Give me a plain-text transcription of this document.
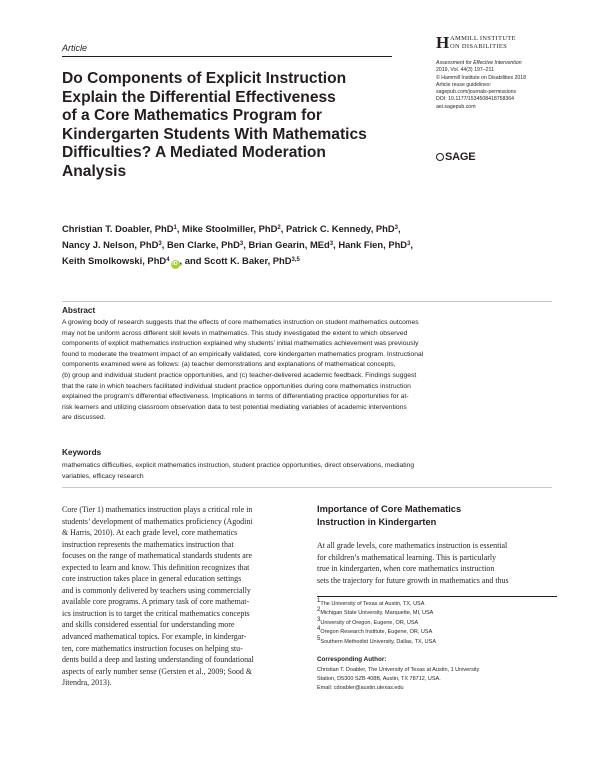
Article	H AMMILL INSTITUTE
ON DISABILITIES
Assessment for Effective Intervention
2019, Vol. 44(3) 197–211
© Hammill Institute on Disabilities 2018
Article reuse guidelines:
sagepub.com/journals-permissions
DOI: 10.1177/1534508418758364
aei.sagepub.com
SAGE
Do Components of Explicit Instruction
Explain the Differential Effectiveness
of a Core Mathematics Program for
Kindergarten Students With Mathematics
Difficulties? A Mediated Moderation
Analysis
Christian T. Doabler, PhD$^1$, Mike Stoolmiller, PhD$^2$, Patrick C. Kennedy, PhD$^3$,
Nancy J. Nelson, PhD$^3$, Ben Clarke, PhD$^3$, Brian Gearin, MEd$^3$, Hank Fien, PhD$^3$,
Keith Smolkowski, PhD$^4$iD , and Scott K. Baker, PhD$^{3,5}$
Abstract
A growing body of research suggests that the effects of core mathematics instruction on student mathematics outcomes
may not be uniform across different skill levels in mathematics. This study investigated the extent to which observed
components of explicit mathematics instruction explained why students’ initial mathematics achievement was previously
found to moderate the treatment impact of an empirically validated, core kindergarten mathematics program. Instructional
components examined were as follows: (a) teacher demonstrations and explanations of mathematical concepts,
(b) group and individual student practice opportunities, and (c) teacher-delivered academic feedback. Findings suggest
that the rate in which teachers facilitated individual student practice opportunities during core mathematics instruction
explained the program’s differential effectiveness. Implications in terms of differentiating practice opportunities for at-
risk learners and utilizing classroom observation data to test potential mediating variables of academic interventions
are discussed.
Keywords
mathematics difficulties, explicit mathematics instruction, student practice opportunities, direct observations, mediating
variables, efficacy research
Core (Tier 1) mathematics instruction plays a critical role in
students’ development of mathematics proficiency (Agodini
& Harris, 2010). At each grade level, core mathematics
instruction represents the mathematics instruction that
focuses on the range of mathematical standards students are
expected to learn and know. This definition recognizes that
core instruction takes place in general education settings
and is commonly delivered by teachers using commercially
available core programs. A primary task of core mathemat-
ics instruction is to target the critical mathematics concepts
and skills considered essential for understanding more
advanced mathematical topics. For example, in kindergar-
ten, core mathematics instruction focuses on helping stu-
dents build a deep and lasting understanding of foundational
aspects of early number sense (Gersten et al., 2009; Sood &
Jitendra, 2013).
Importance of Core Mathematics
Instruction in Kindergarten
At all grade levels, core mathematics instruction is essential
for children’s mathematical learning. This is particularly
true in kindergarten, when core mathematics instruction
sets the trajectory for future growth in mathematics and thus
$^1$The University of Texas at Austin, TX, USA
$^2$Michigan State University, Marquette, MI, USA
$^3$University of Oregon, Eugene, OR, USA
$^4$Oregon Research Institute, Eugene, OR, USA
$^5$Southern Methodist University, Dallas, TX, USA
Corresponding Author:
Christian T. Doabler, The University of Texas at Austin, 1 University
Station, D5300 SZB 408B, Austin, TX 78712, USA.
Email: cdoabler@austin.utexas.edu
